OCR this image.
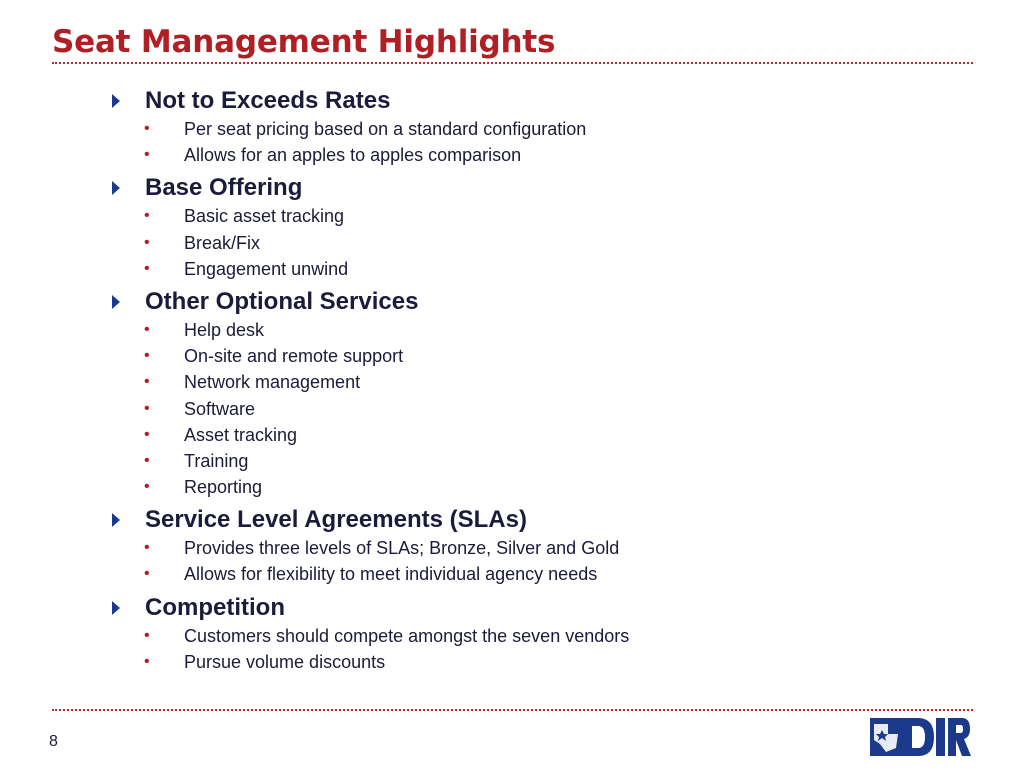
Seat Management Highlights
Not to Exceeds Rates
• Per seat pricing based on a standard configuration
• Allows for an apples to apples comparison
Base Offering
• Basic asset tracking
• Break/Fix
• Engagement unwind
Other Optional Services
• Help desk
• On-site and remote support
• Network management
• Software
• Asset tracking
• Training
• Reporting
Service Level Agreements (SLAs)
• Provides three levels of SLAs; Bronze, Silver and Gold
• Allows for flexibility to meet individual agency needs
Competition
• Customers should compete amongst the seven vendors
• Pursue volume discounts
8
